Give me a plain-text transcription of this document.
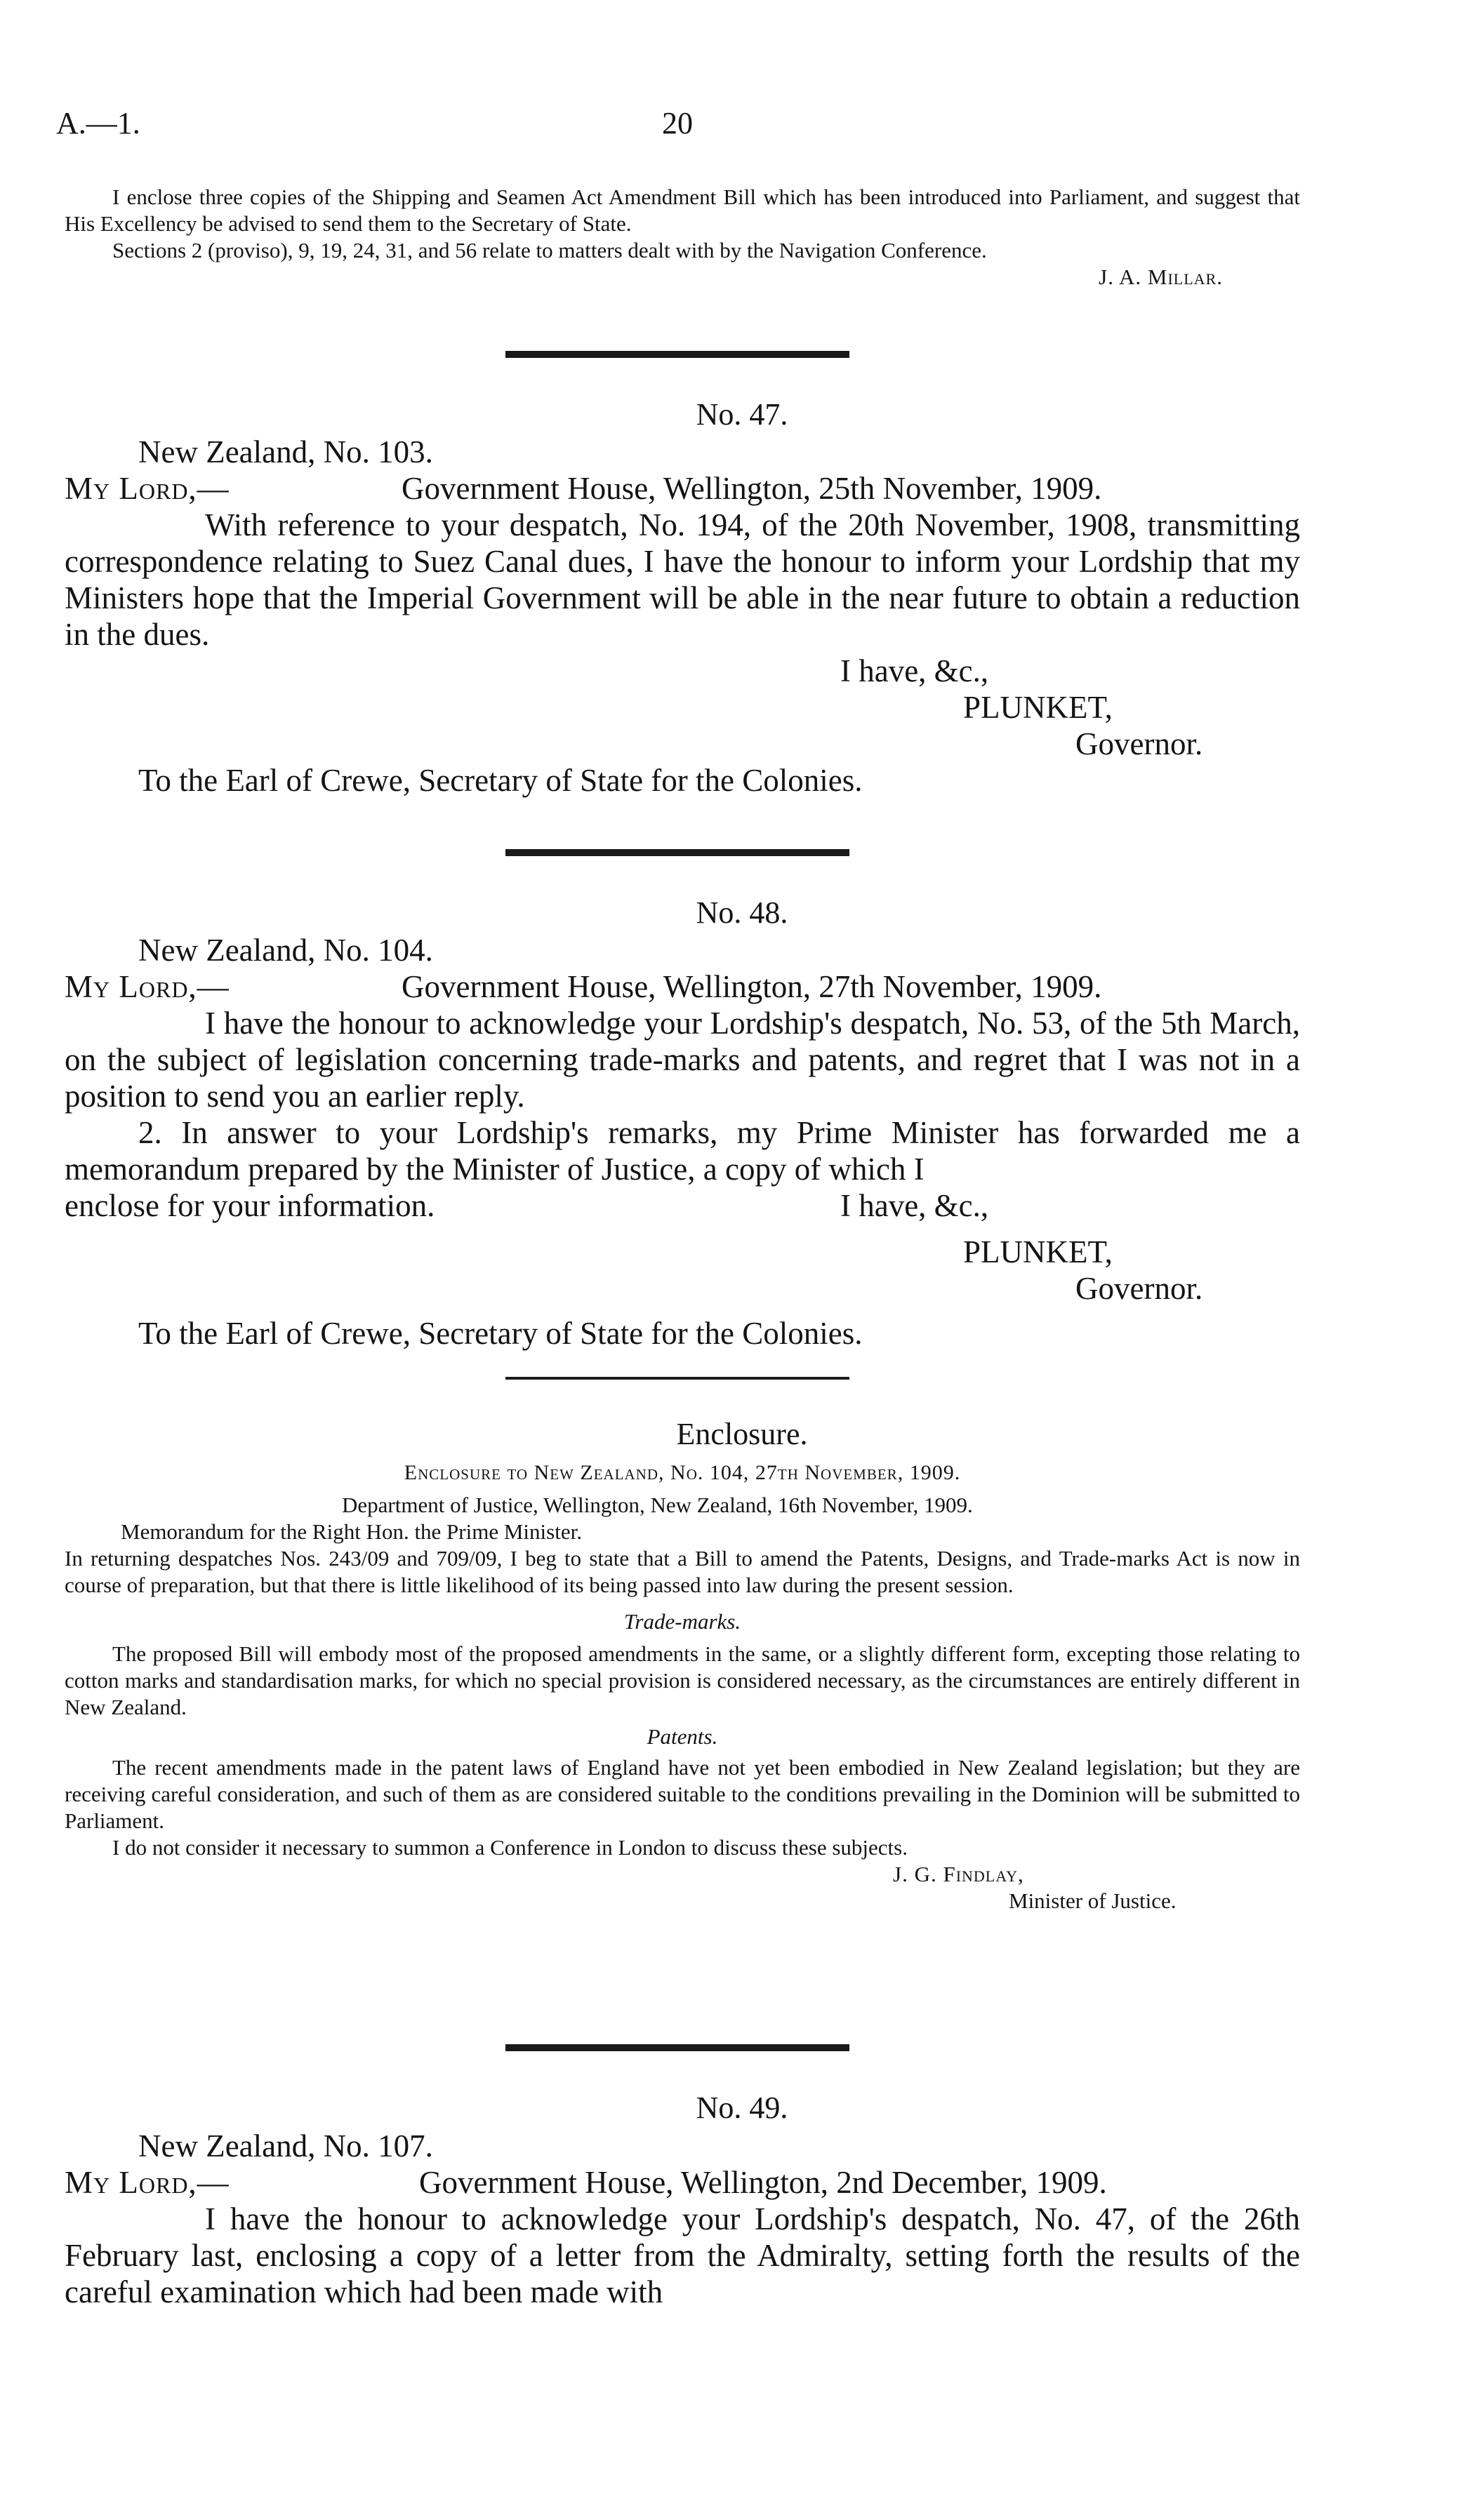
A.—1.	20

I enclose three copies of the Shipping and Seamen Act Amendment Bill which has been introduced into Parliament, and suggest that His Excellency be advised to send them to the Secretary of State.

Sections 2 (proviso), 9, 19, 24, 31, and 56 relate to matters dealt with by the Navigation Conference.

J. A. Millar.
No. 47.
New Zealand, No. 103.
My Lord,—	Government House, Wellington, 25th November, 1909.

With reference to your despatch, No. 194, of the 20th November, 1908, transmitting correspondence relating to Suez Canal dues, I have the honour to inform your Lordship that my Ministers hope that the Imperial Government will be able in the near future to obtain a reduction in the dues.

I have, &c.,
PLUNKET,
Governor.
To the Earl of Crewe, Secretary of State for the Colonies.
No. 48.
New Zealand, No. 104.
My Lord,—	Government House, Wellington, 27th November, 1909.

I have the honour to acknowledge your Lordship's despatch, No. 53, of the 5th March, on the subject of legislation concerning trade-marks and patents, and regret that I was not in a position to send you an earlier reply.

2. In answer to your Lordship's remarks, my Prime Minister has forwarded me a memorandum prepared by the Minister of Justice, a copy of which I

enclose for your information.	I have, &c.,
PLUNKET,
Governor.
To the Earl of Crewe, Secretary of State for the Colonies.
Enclosure.
Enclosure to New Zealand, No. 104, 27th November, 1909.
Department of Justice, Wellington, New Zealand, 16th November, 1909.
Memorandum for the Right Hon. the Prime Minister.

In returning despatches Nos. 243/09 and 709/09, I beg to state that a Bill to amend the Patents, Designs, and Trade-marks Act is now in course of preparation, but that there is little likelihood of its being passed into law during the present session.

Trade-marks.

The proposed Bill will embody most of the proposed amendments in the same, or a slightly different form, excepting those relating to cotton marks and standardisation marks, for which no special provision is considered necessary, as the circumstances are entirely different in New Zealand.

Patents.

The recent amendments made in the patent laws of England have not yet been embodied in New Zealand legislation; but they are receiving careful consideration, and such of them as are considered suitable to the conditions prevailing in the Dominion will be submitted to Parliament.

I do not consider it necessary to summon a Conference in London to discuss these subjects.

J. G. Findlay,
Minister of Justice.
No. 49.
New Zealand, No. 107.
My Lord,—	Government House, Wellington, 2nd December, 1909.

I have the honour to acknowledge your Lordship's despatch, No. 47, of the 26th February last, enclosing a copy of a letter from the Admiralty, setting forth the results of the careful examination which had been made with
